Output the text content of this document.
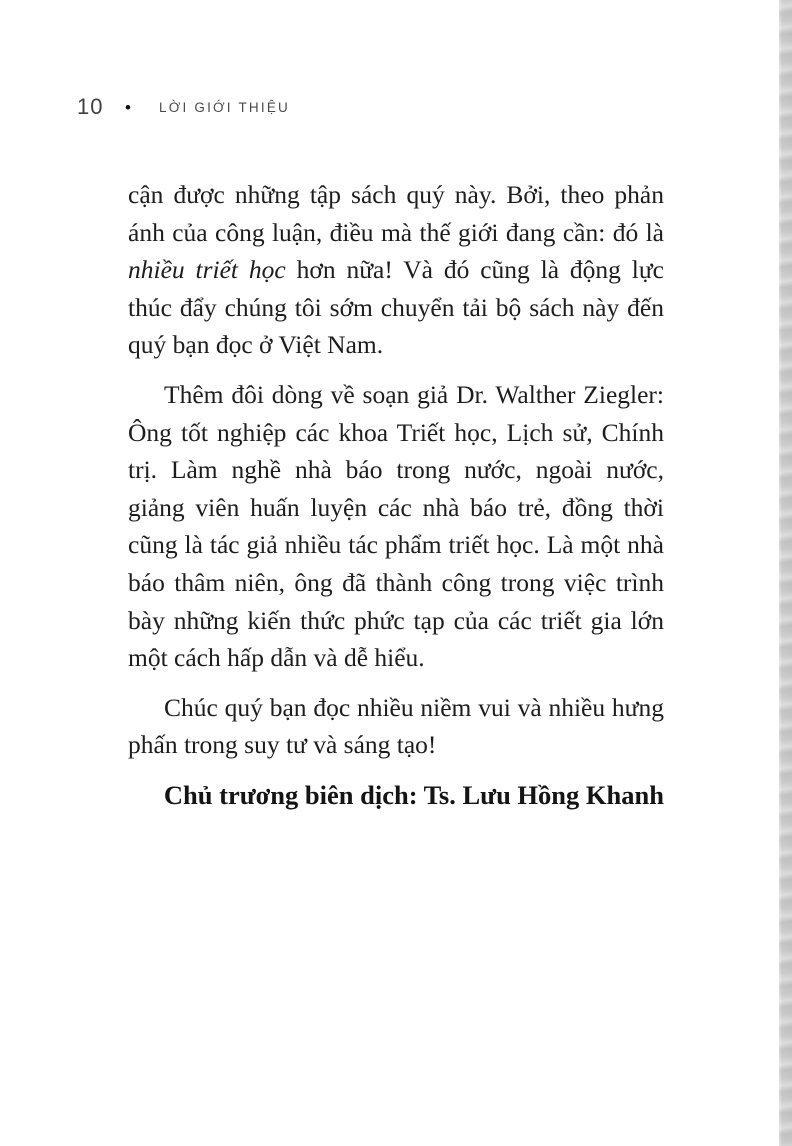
10 • LỜI GIỚI THIỆU

cận được những tập sách quý này. Bởi, theo phản ánh của công luận, điều mà thế giới đang cần: đó là nhiều triết học hơn nữa! Và đó cũng là động lực thúc đẩy chúng tôi sớm chuyển tải bộ sách này đến quý bạn đọc ở Việt Nam.

Thêm đôi dòng về soạn giả Dr. Walther Ziegler: Ông tốt nghiệp các khoa Triết học, Lịch sử, Chính trị. Làm nghề nhà báo trong nước, ngoài nước, giảng viên huấn luyện các nhà báo trẻ, đồng thời cũng là tác giả nhiều tác phẩm triết học. Là một nhà báo thâm niên, ông đã thành công trong việc trình bày những kiến thức phức tạp của các triết gia lớn một cách hấp dẫn và dễ hiểu.

Chúc quý bạn đọc nhiều niềm vui và nhiều hưng phấn trong suy tư và sáng tạo!

Chủ trương biên dịch: Ts. Lưu Hồng Khanh
